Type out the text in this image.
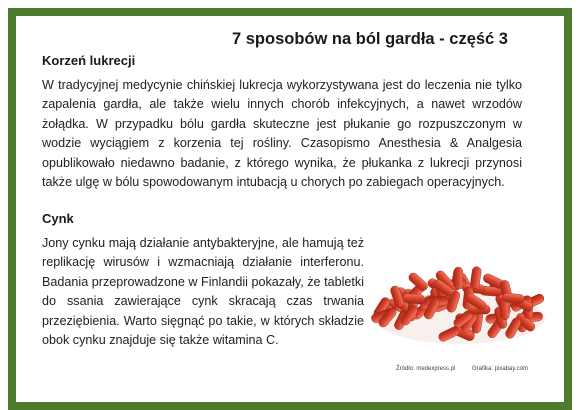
7 sposobów na ból gardła - część 3
Korzeń lukrecji

W tradycyjnej medycynie chińskiej lukrecja wykorzystywana jest do leczenia nie tylko zapalenia gardła, ale także wielu innych chorób infekcyjnych, a nawet wrzodów żołądka. W przypadku bólu gardła skuteczne jest płukanie go rozpuszczonym w wodzie wyciągiem z korzenia tej rośliny. Czasopismo Anesthesia & Analgesia opublikowało niedawno badanie, z którego wynika, że płukanka z lukrecji przynosi także ulgę w bólu spowodowanym intubacją u chorych po zabiegach operacyjnych.

Cynk

Jony cynku mają działanie antybakteryjne, ale hamują też replikację wirusów i wzmacniają działanie interferonu. Badania przeprowadzone w Finlandii pokazały, że tabletki do ssania zawierające cynk skracają czas trwania przeziębienia. Warto sięgnąć po takie, w których składzie obok cynku znajduje się także witamina C.

Źródło: medexpress.pl	Grafika: pixabay.com
